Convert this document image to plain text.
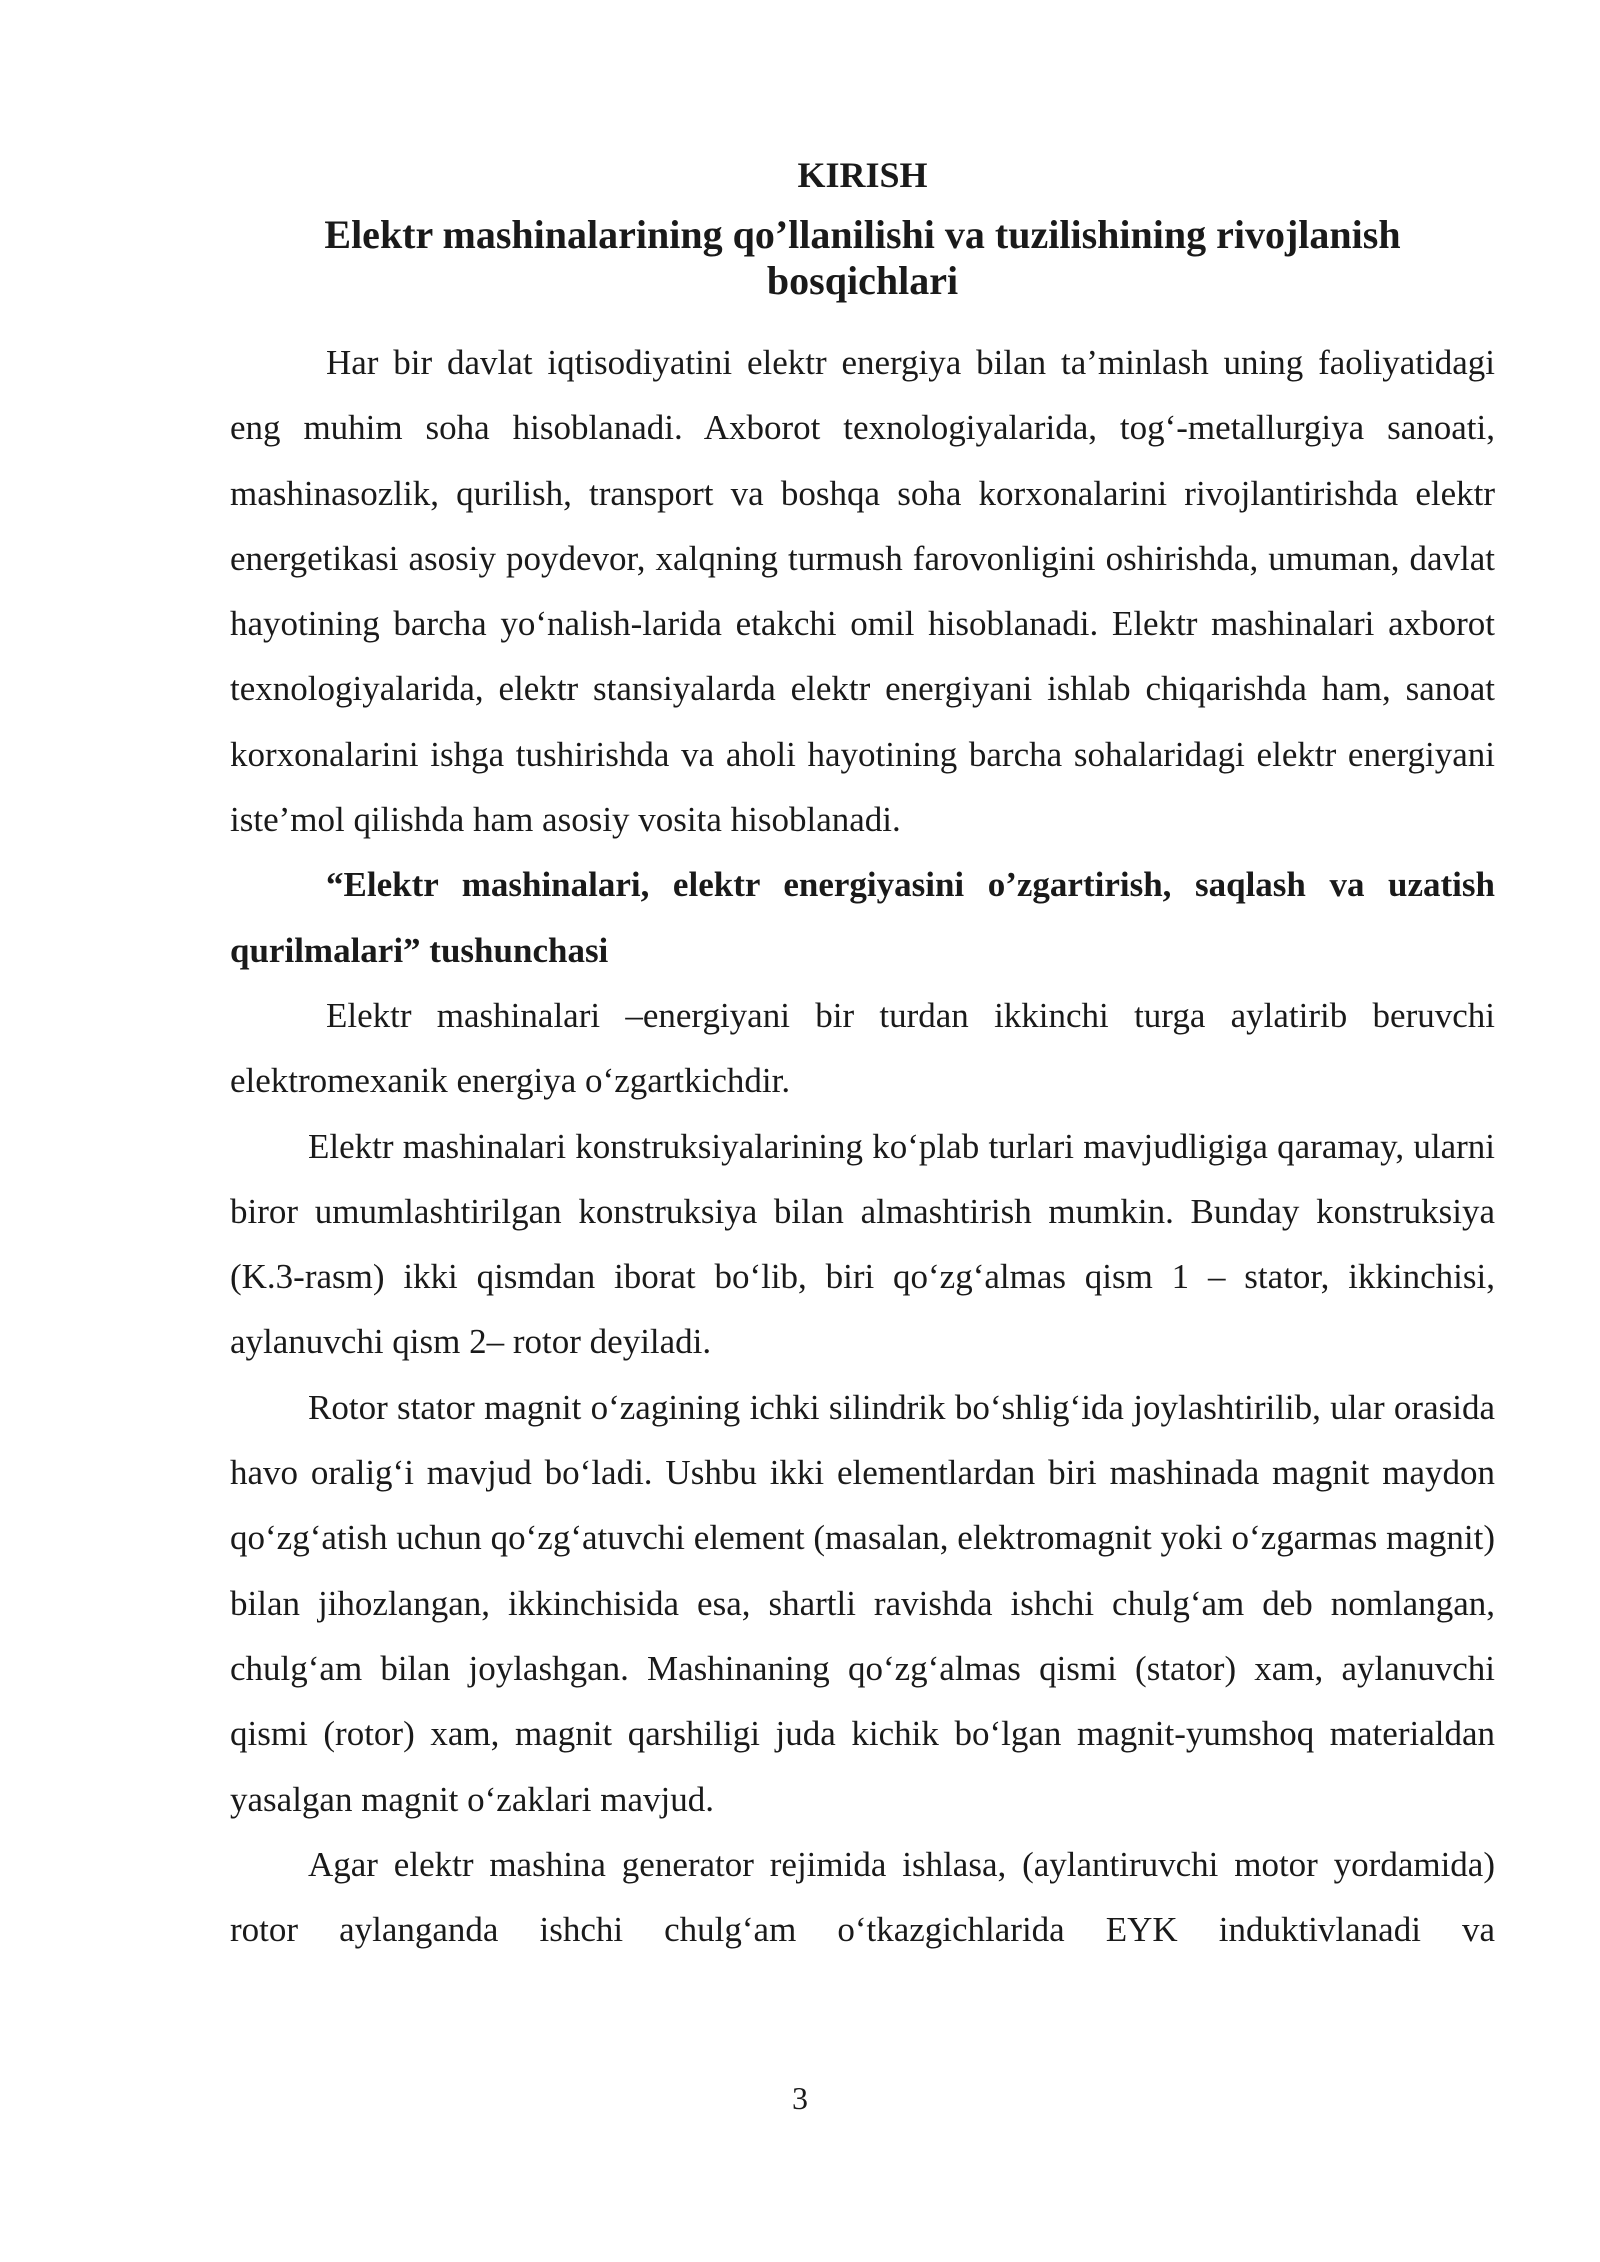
KIRISH
Elektr mashinalarining qo’llanilishi va tuzilishining rivojlanish bosqichlari

Har bir davlat iqtisodiyatini elektr energiya bilan ta’minlash uning faoliyatidagi eng muhim soha hisoblanadi. Axborot texnologiyalarida, tog‘-metallurgiya sanoati, mashinasozlik, qurilish, transport va boshqa soha korxonalarini rivojlantirishda elektr energetikasi asosiy poydevor, xalqning turmush farovonligini oshirishda, umuman, davlat hayotining barcha yo‘nalish-larida etakchi omil hisoblanadi. Elektr mashinalari axborot texnologiyalarida, elektr stansiyalarda elektr energiyani ishlab chiqarishda ham, sanoat korxonalarini ishga tushirishda va aholi hayotining barcha sohalaridagi elektr energiyani iste’mol qilishda ham asosiy vosita hisoblanadi.

“Elektr mashinalari, elektr energiyasini o’zgartirish, saqlash va uzatish qurilmalari” tushunchasi

Elektr mashinalari –energiyani bir turdan ikkinchi turga aylatirib beruvchi elektromexanik energiya o‘zgartkichdir.

Elektr mashinalari konstruksiyalarining ko‘plab turlari mavjudligiga qaramay, ularni biror umumlashtirilgan konstruksiya bilan almashtirish mumkin. Bunday konstruksiya (K.3-rasm) ikki qismdan iborat bo‘lib, biri qo‘zg‘almas qism 1 – stator, ikkinchisi, aylanuvchi qism 2– rotor deyiladi.

Rotor stator magnit o‘zagining ichki silindrik bo‘shlig‘ida joylashtirilib, ular orasida havo oralig‘i mavjud bo‘ladi. Ushbu ikki elementlardan biri mashinada magnit maydon qo‘zg‘atish uchun qo‘zg‘atuvchi element (masalan, elektromagnit yoki o‘zgarmas magnit) bilan jihozlangan, ikkinchisida esa, shartli ravishda ishchi chulg‘am deb nomlangan, chulg‘am bilan joylashgan. Mashinaning qo‘zg‘almas qismi (stator) xam, aylanuvchi qismi (rotor) xam, magnit qarshiligi juda kichik bo‘lgan magnit-yumshoq materialdan yasalgan magnit o‘zaklari mavjud.

Agar elektr mashina generator rejimida ishlasa, (aylantiruvchi motor yordamida) rotor aylanganda ishchi chulg‘am o‘tkazgichlarida EYK induktivlanadi va

3
